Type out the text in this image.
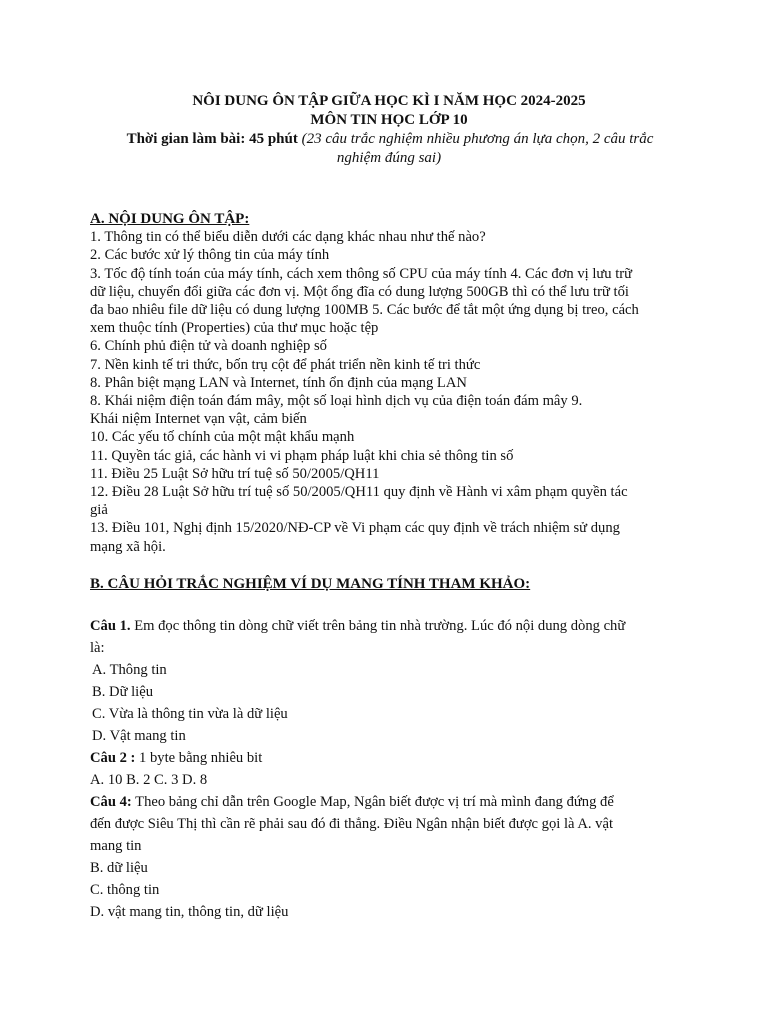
NÔI DUNG ÔN TẬP GIỮA HỌC KÌ I NĂM HỌC 2024-2025
MÔN TIN HỌC LỚP 10
Thời gian làm bài: 45 phút (23 câu trắc nghiệm nhiều phương án lựa chọn, 2 câu trắc
nghiệm đúng sai)
A. NỘI DUNG ÔN TẬP:
1. Thông tin có thể biểu diễn dưới các dạng khác nhau như thế nào?
2. Các bước xử lý thông tin của máy tính
3. Tốc độ tính toán của máy tính, cách xem thông số CPU của máy tính 4. Các đơn vị lưu trữ
dữ liệu, chuyển đổi giữa các đơn vị. Một ổng đĩa có dung lượng 500GB thì có thể lưu trữ tối
đa bao nhiêu file dữ liệu có dung lượng 100MB 5. Các bước để tắt một ứng dụng bị treo, cách
xem thuộc tính (Properties) của thư mục hoặc tệp
6. Chính phủ điện tử và doanh nghiệp số
7. Nền kinh tế tri thức, bốn trụ cột để phát triển nền kinh tế tri thức
8. Phân biệt mạng LAN và Internet, tính ổn định của mạng LAN
8. Khái niệm điện toán đám mây, một số loại hình dịch vụ của điện toán đám mây 9.
Khái niệm Internet vạn vật, cảm biến
10. Các yếu tố chính của một mật khẩu mạnh
11. Quyền tác giả, các hành vi vi phạm pháp luật khi chia sẻ thông tin số
11. Điều 25 Luật Sở hữu trí tuệ số 50/2005/QH11
12. Điều 28 Luật Sở hữu trí tuệ số 50/2005/QH11 quy định về Hành vi xâm phạm quyền tác
giả
13. Điều 101, Nghị định 15/2020/NĐ-CP về Vi phạm các quy định về trách nhiệm sử dụng
mạng xã hội.
B. CÂU HỎI TRẮC NGHIỆM VÍ DỤ MANG TÍNH THAM KHẢO:
Câu 1. Em đọc thông tin dòng chữ viết trên bảng tin nhà trường. Lúc đó nội dung dòng chữ
là:
A. Thông tin
B. Dữ liệu
C. Vừa là thông tin vừa là dữ liệu
D. Vật mang tin
Câu 2 : 1 byte bằng nhiêu bit
A. 10 B. 2 C. 3 D. 8
Câu 4: Theo bảng chỉ dẫn trên Google Map, Ngân biết được vị trí mà mình đang đứng để
đến được Siêu Thị thì cần rẽ phải sau đó đi thẳng. Điều Ngân nhận biết được gọi là A. vật
mang tin
B. dữ liệu
C. thông tin
D. vật mang tin, thông tin, dữ liệu
